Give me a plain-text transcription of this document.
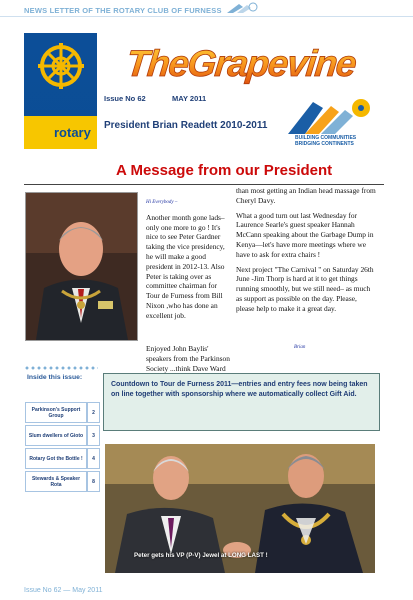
NEWS LETTER OF THE ROTARY CLUB OF FURNESS
rotary
TheGrapevine
Issue No 62	MAY 2011
President Brian Readett 2010-2011
BUILDING COMMUNITIES
BRIDGING CONTINENTS
A Message from our President

Hi Everybody –

Another month gone lads– only one more to go ! It's nice to see Peter Gardner taking the vice presidency, he will make a good president in 2012-13. Also Peter is taking over as committee chairman for Tour de Furness from Bill Nixon ,who has done an excellent job.

Enjoyed John Baylis' speakers from the Parkinson Society ...think Dave Ward

than most getting an Indian head massage from Cheryl Davy.

What a good turn out last Wednesday for Laurence Searle's guest speaker Hannah McCann speaking about the Garbage Dump in Kenya—let's have more meetings where we have to ask for extra chairs !

Next project "The Carnival " on Saturday 26th June -Jim Thorp is hard at it to get things running smoothly, but we still need– as much as support as possible on the day. Please, please help to make it a great day.

Brian
Inside this issue:
Parkinson's Support Group	2
Slum dwellers of Gioto	3
Rotary Got the Bottle !	4
Stewards & Speaker Rota	8
Countdown to Tour de Furness 2011—entries and entry fees now being taken on line together with sponsorship where we automatically collect Gift Aid.
Peter gets his VP (P-V) Jewel at LONG LAST !
Issue No 62 — May 2011
